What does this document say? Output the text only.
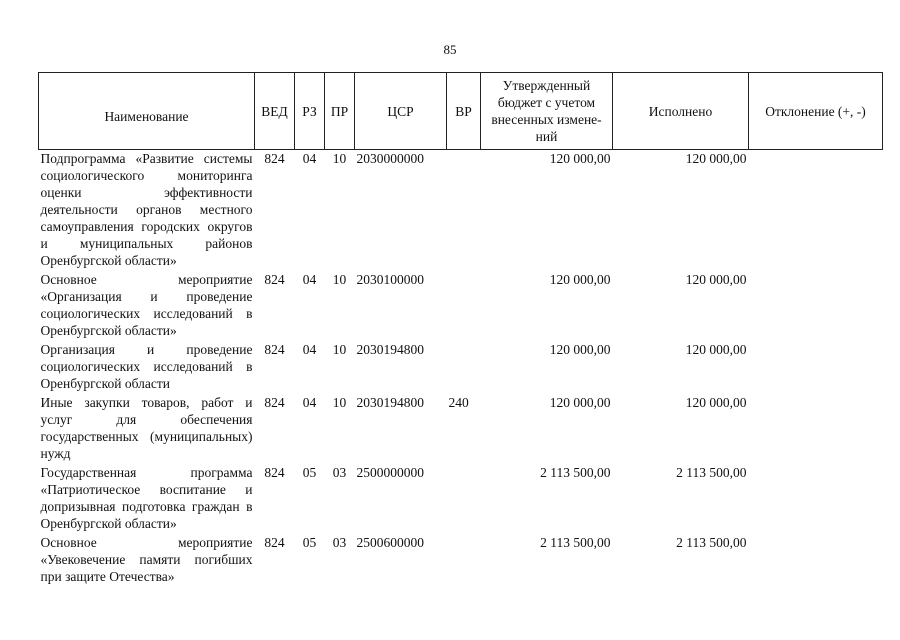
85
Наименование	ВЕД	РЗ	ПР	ЦСР	ВР	Утвержденный бюджет с учетом внесенных измене-ний	Исполнено	Отклонение (+, -)
Подпрограмма «Развитие системы социологического мониторинга оценки эффективности деятельности органов местного самоуправления городских округов и муниципальных районов Оренбургской области»	824	04	10	2030000000		120 000,00	120 000,00	
Основное мероприятие «Организация и проведение социологических исследований в Оренбургской области»	824	04	10	2030100000		120 000,00	120 000,00	
Организация и проведение социологических исследований в Оренбургской области	824	04	10	2030194800		120 000,00	120 000,00	
Иные закупки товаров, работ и услуг для обеспечения государственных (муниципальных) нужд	824	04	10	2030194800	240	120 000,00	120 000,00	
Государственная программа «Патриотическое воспитание и допризывная подготовка граждан в Оренбургской области»	824	05	03	2500000000		2 113 500,00	2 113 500,00	
Основное мероприятие «Увековечение памяти погибших при защите Отечества»	824	05	03	2500600000		2 113 500,00	2 113 500,00	
